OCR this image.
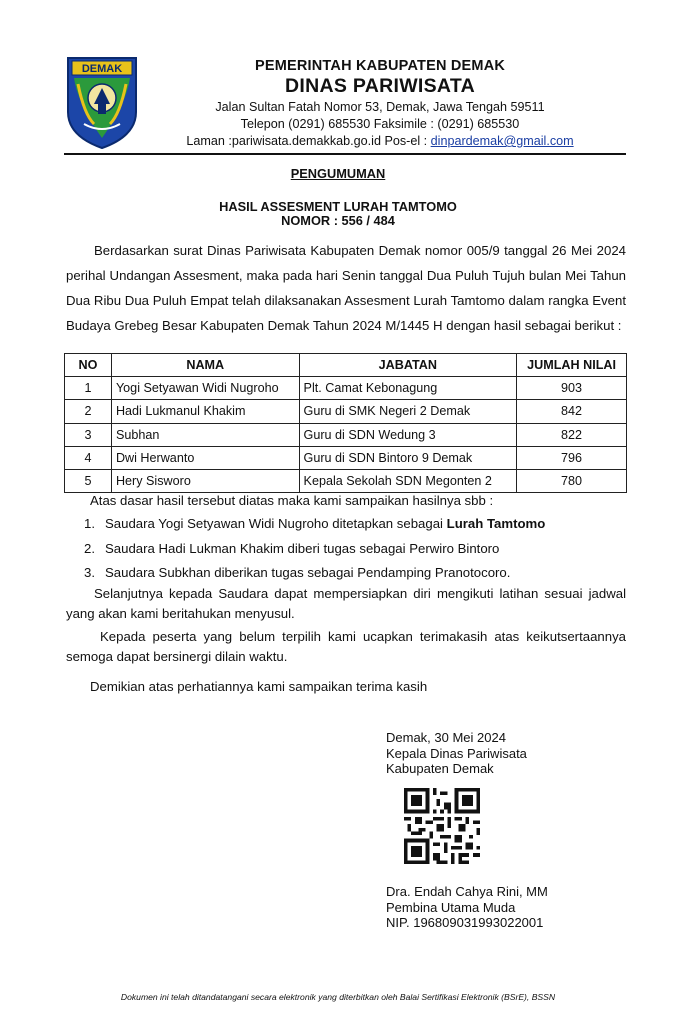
DEMAK	PEMERINTAH KABUPATEN DEMAK
DINAS PARIWISATA
Jalan Sultan Fatah Nomor 53, Demak, Jawa Tengah 59511
Telepon (0291) 685530 Faksimile : (0291) 685530
Laman :pariwisata.demakkab.go.id Pos-el : dinpardemak@gmail.com
PENGUMUMAN
HASIL ASSESMENT LURAH TAMTOMO
NOMOR : 556 / 484
Berdasarkan surat Dinas Pariwisata Kabupaten Demak nomor 005/9 tanggal 26 Mei 2024 perihal Undangan Assesment, maka pada hari Senin tanggal Dua Puluh Tujuh bulan Mei Tahun Dua Ribu Dua Puluh Empat telah dilaksanakan Assesment Lurah Tamtomo dalam rangka Event Budaya Grebeg Besar Kabupaten Demak Tahun 2024 M/1445 H dengan hasil sebagai berikut :
NO	NAMA	JABATAN	JUMLAH NILAI
1	Yogi Setyawan Widi Nugroho	Plt. Camat Kebonagung	903
2	Hadi Lukmanul Khakim	Guru di SMK Negeri 2 Demak	842
3	Subhan	Guru di SDN Wedung 3	822
4	Dwi Herwanto	Guru di SDN Bintoro 9 Demak	796
5	Hery Sisworo	Kepala Sekolah SDN Megonten 2	780
Atas dasar hasil tersebut diatas maka kami sampaikan hasilnya sbb :
1. Saudara Yogi Setyawan Widi Nugroho ditetapkan sebagai Lurah Tamtomo
2. Saudara Hadi Lukman Khakim diberi tugas sebagai Perwiro Bintoro
3. Saudara Subkhan diberikan tugas sebagai Pendamping Pranotocoro.
Selanjutnya kepada Saudara dapat mempersiapkan diri mengikuti latihan sesuai jadwal yang akan kami beritahukan menyusul.
Kepada peserta yang belum terpilih kami ucapkan terimakasih atas keikutsertaannya semoga dapat bersinergi dilain waktu.
Demikian atas perhatiannya kami sampaikan terima kasih
Demak, 30 Mei 2024
Kepala Dinas Pariwisata
Kabupaten Demak
Dra. Endah Cahya Rini, MM
Pembina Utama Muda
NIP. 196809031993022001
Dokumen ini telah ditandatangani secara elektronik yang diterbitkan oleh Balai Sertifikasi Elektronik (BSrE), BSSN
